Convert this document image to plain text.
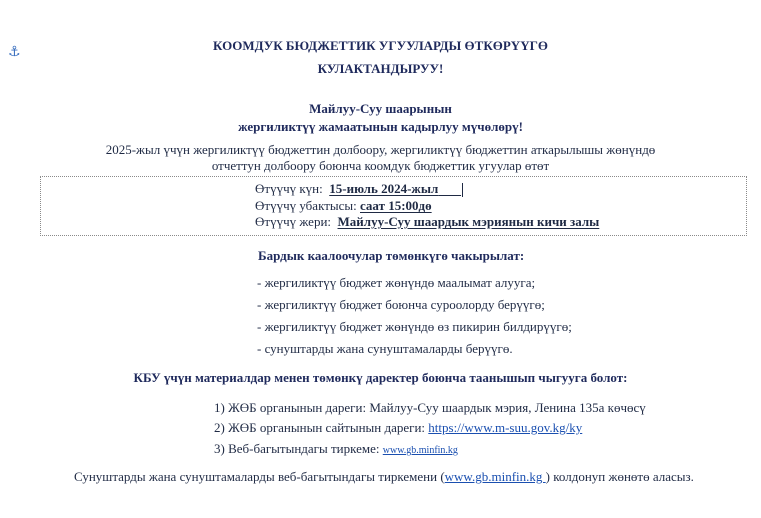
⚓	КООМДУК БЮДЖЕТТИК УГУУЛАРДЫ ӨТКӨРҮҮГӨ
КУЛАКТАНДЫРУУ!
Майлуу-Суу шаарынын
жергиликтүү жамаатынын кадырлуу мүчөлөрү!
2025-жыл үчүн жергиликтүү бюджеттин долбоору, жергиликтүү бюджеттин аткарылышы жөнүндө
отчеттун долбоору боюнча коомдук бюджеттик угуулар өтөт
Өтүүчү күн: 15-июль 2024-жыл
Өтүүчү убактысы: саат 15:00дө
Өтүүчү жери: Майлуу-Суу шаардык мэриянын кичи залы
Бардык каалоочулар төмөнкүгө чакырылат:
- жергиликтүү бюджет жөнүндө маалымат алууга;
- жергиликтүү бюджет боюнча суроолорду берүүгө;
- жергиликтүү бюджет жөнүндө өз пикирин билдирүүгө;
- сунуштарды жана сунуштамаларды берүүгө.
КБУ үчүн материалдар менен төмөнкү даректер боюнча таанышып чыгууга болот:
1) ЖӨБ органынын дареги: Майлуу-Суу шаардык мэрия, Ленина 135а көчөсү
2) ЖӨБ органынын сайтынын дареги: https://www.m-suu.gov.kg/ky
3) Веб-багытындагы тиркеме: www.gb.minfin.kg
Сунуштарды жана сунуштамаларды веб-багытындагы тиркемени (www.gb.minfin.kg ) колдонуп жөнөтө аласыз.
